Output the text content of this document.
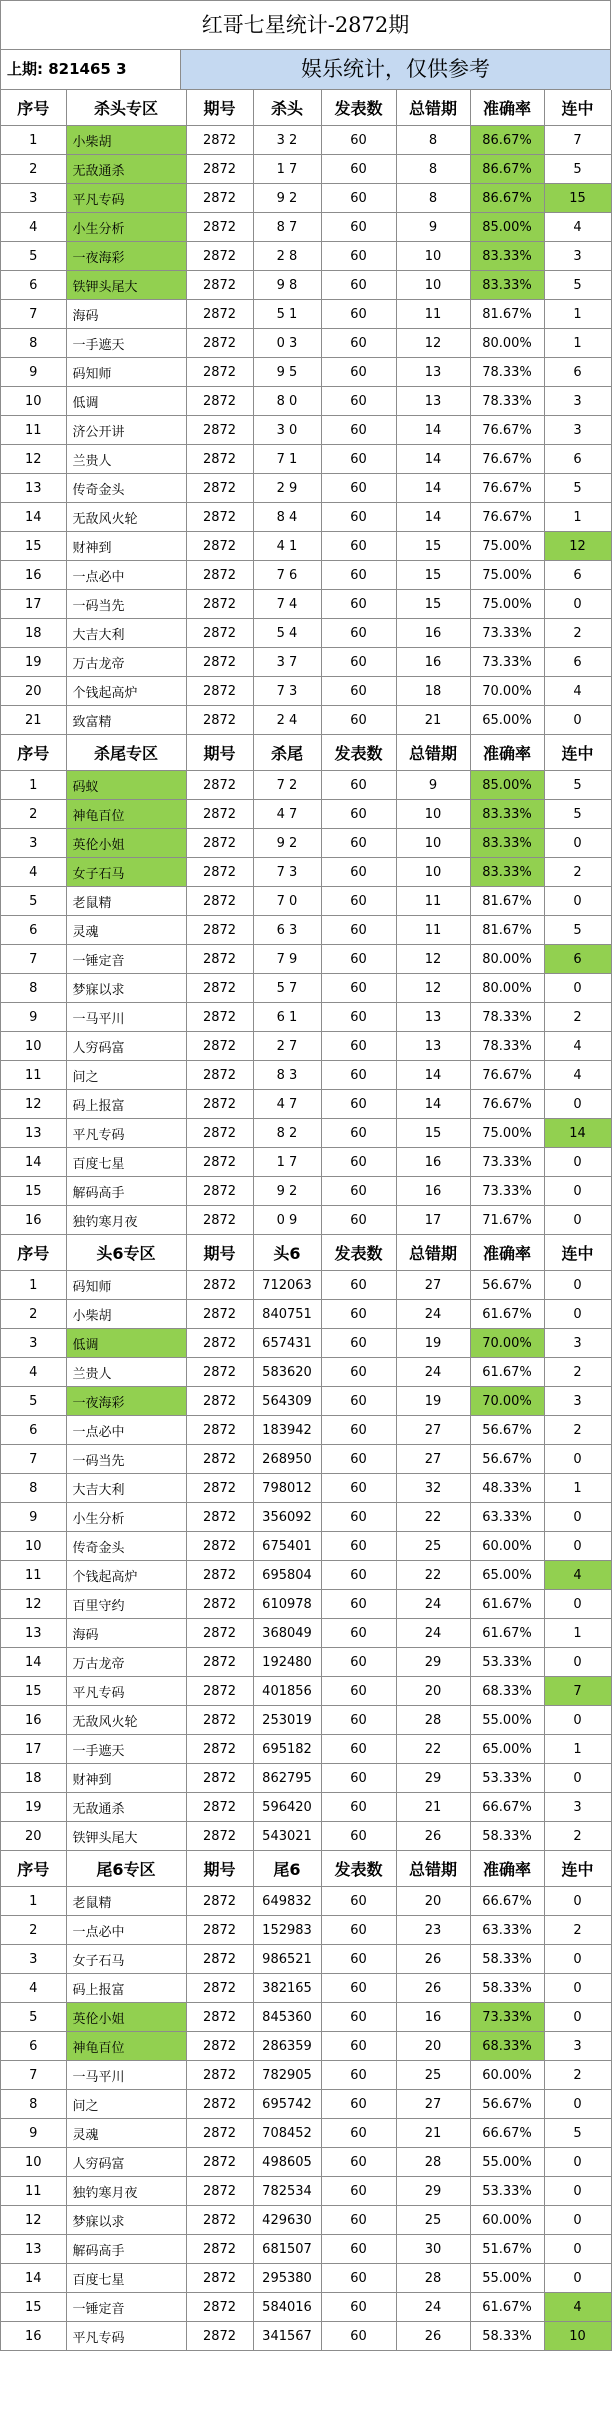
红哥七星统计-2872期
上期: 821465 3	娱乐统计，仅供参考
序号	杀头专区	期号	杀头	发表数	总错期	准确率	连中
1	小柴胡	2872	3 2	60	8	86.67%	7
2	无敌通杀	2872	1 7	60	8	86.67%	5
3	平凡专码	2872	9 2	60	8	86.67%	15
4	小生分析	2872	8 7	60	9	85.00%	4
5	一夜海彩	2872	2 8	60	10	83.33%	3
6	铁钾头尾大	2872	9 8	60	10	83.33%	5
7	海码	2872	5 1	60	11	81.67%	1
8	一手遮天	2872	0 3	60	12	80.00%	1
9	码知师	2872	9 5	60	13	78.33%	6
10	低调	2872	8 0	60	13	78.33%	3
11	济公开讲	2872	3 0	60	14	76.67%	3
12	兰贵人	2872	7 1	60	14	76.67%	6
13	传奇金头	2872	2 9	60	14	76.67%	5
14	无敌风火轮	2872	8 4	60	14	76.67%	1
15	财神到	2872	4 1	60	15	75.00%	12
16	一点必中	2872	7 6	60	15	75.00%	6
17	一码当先	2872	7 4	60	15	75.00%	0
18	大吉大利	2872	5 4	60	16	73.33%	2
19	万古龙帝	2872	3 7	60	16	73.33%	6
20	个钱起高炉	2872	7 3	60	18	70.00%	4
21	致富精	2872	2 4	60	21	65.00%	0
序号	杀尾专区	期号	杀尾	发表数	总错期	准确率	连中
1	码蚁	2872	7 2	60	9	85.00%	5
2	神龟百位	2872	4 7	60	10	83.33%	5
3	英伦小姐	2872	9 2	60	10	83.33%	0
4	女子石马	2872	7 3	60	10	83.33%	2
5	老鼠精	2872	7 0	60	11	81.67%	0
6	灵魂	2872	6 3	60	11	81.67%	5
7	一锤定音	2872	7 9	60	12	80.00%	6
8	梦寐以求	2872	5 7	60	12	80.00%	0
9	一马平川	2872	6 1	60	13	78.33%	2
10	人穷码富	2872	2 7	60	13	78.33%	4
11	问之	2872	8 3	60	14	76.67%	4
12	码上报富	2872	4 7	60	14	76.67%	0
13	平凡专码	2872	8 2	60	15	75.00%	14
14	百度七星	2872	1 7	60	16	73.33%	0
15	解码高手	2872	9 2	60	16	73.33%	0
16	独钓寒月夜	2872	0 9	60	17	71.67%	0
序号	头6专区	期号	头6	发表数	总错期	准确率	连中
1	码知师	2872	712063	60	27	56.67%	0
2	小柴胡	2872	840751	60	24	61.67%	0
3	低调	2872	657431	60	19	70.00%	3
4	兰贵人	2872	583620	60	24	61.67%	2
5	一夜海彩	2872	564309	60	19	70.00%	3
6	一点必中	2872	183942	60	27	56.67%	2
7	一码当先	2872	268950	60	27	56.67%	0
8	大吉大利	2872	798012	60	32	48.33%	1
9	小生分析	2872	356092	60	22	63.33%	0
10	传奇金头	2872	675401	60	25	60.00%	0
11	个钱起高炉	2872	695804	60	22	65.00%	4
12	百里守约	2872	610978	60	24	61.67%	0
13	海码	2872	368049	60	24	61.67%	1
14	万古龙帝	2872	192480	60	29	53.33%	0
15	平凡专码	2872	401856	60	20	68.33%	7
16	无敌风火轮	2872	253019	60	28	55.00%	0
17	一手遮天	2872	695182	60	22	65.00%	1
18	财神到	2872	862795	60	29	53.33%	0
19	无敌通杀	2872	596420	60	21	66.67%	3
20	铁钾头尾大	2872	543021	60	26	58.33%	2
序号	尾6专区	期号	尾6	发表数	总错期	准确率	连中
1	老鼠精	2872	649832	60	20	66.67%	0
2	一点必中	2872	152983	60	23	63.33%	2
3	女子石马	2872	986521	60	26	58.33%	0
4	码上报富	2872	382165	60	26	58.33%	0
5	英伦小姐	2872	845360	60	16	73.33%	0
6	神龟百位	2872	286359	60	20	68.33%	3
7	一马平川	2872	782905	60	25	60.00%	2
8	问之	2872	695742	60	27	56.67%	0
9	灵魂	2872	708452	60	21	66.67%	5
10	人穷码富	2872	498605	60	28	55.00%	0
11	独钓寒月夜	2872	782534	60	29	53.33%	0
12	梦寐以求	2872	429630	60	25	60.00%	0
13	解码高手	2872	681507	60	30	51.67%	0
14	百度七星	2872	295380	60	28	55.00%	0
15	一锤定音	2872	584016	60	24	61.67%	4
16	平凡专码	2872	341567	60	26	58.33%	10
